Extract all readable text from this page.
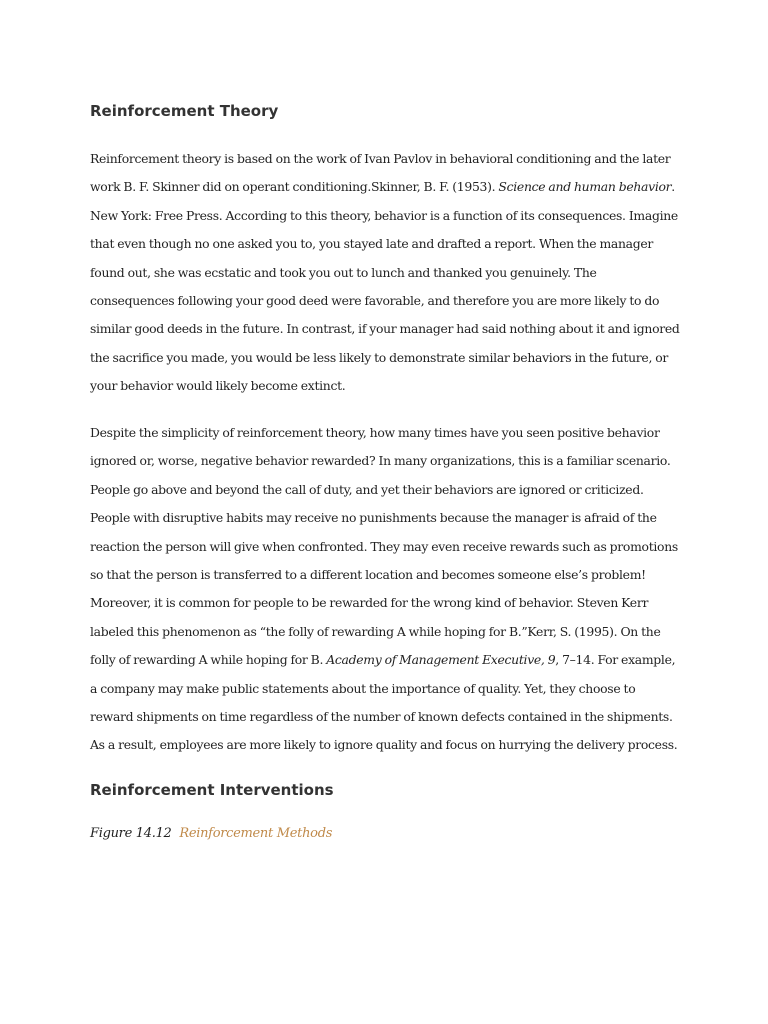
Reinforcement Theory

Reinforcement theory is based on the work of Ivan Pavlov in behavioral conditioning and the later work B. F. Skinner did on operant conditioning.Skinner, B. F. (1953). Science and human behavior. New York: Free Press. According to this theory, behavior is a function of its consequences. Imagine that even though no one asked you to, you stayed late and drafted a report. When the manager found out, she was ecstatic and took you out to lunch and thanked you genuinely. The consequences following your good deed were favorable, and therefore you are more likely to do similar good deeds in the future. In contrast, if your manager had said nothing about it and ignored the sacrifice you made, you would be less likely to demonstrate similar behaviors in the future, or your behavior would likely become extinct.

Despite the simplicity of reinforcement theory, how many times have you seen positive behavior ignored or, worse, negative behavior rewarded? In many organizations, this is a familiar scenario. People go above and beyond the call of duty, and yet their behaviors are ignored or criticized. People with disruptive habits may receive no punishments because the manager is afraid of the reaction the person will give when confronted. They may even receive rewards such as promotions so that the person is transferred to a different location and becomes someone else’s problem! Moreover, it is common for people to be rewarded for the wrong kind of behavior. Steven Kerr labeled this phenomenon as “the folly of rewarding A while hoping for B.”Kerr, S. (1995). On the folly of rewarding A while hoping for B. Academy of Management Executive, 9, 7–14. For example, a company may make public statements about the importance of quality. Yet, they choose to reward shipments on time regardless of the number of known defects contained in the shipments. As a result, employees are more likely to ignore quality and focus on hurrying the delivery process.

Reinforcement Interventions
Figure 14.12 Reinforcement Methods
